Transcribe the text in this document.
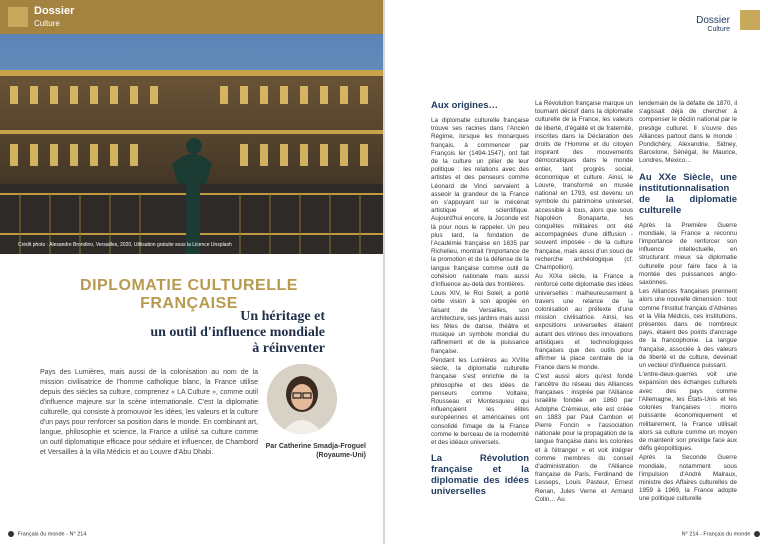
Dossier
Culture
Crédit photo : Alexandre Brondino, Versailles, 2020, Utilisation gratuite sous la Licence Unsplash
DIPLOMATIE CULTURELLE FRANÇAISE
Un héritage et
un outil d'influence mondiale
à réinventer
Pays des Lumières, mais aussi de la colonisation au nom de la mission civilisatrice de l'homme catholique blanc, la France utilise depuis des siècles sa culture, comprenez « LA Culture », comme outil d'influence majeure sur la scène internationale. C'est la diplomatie culturelle, qui consiste à promouvoir les idées, les valeurs et la culture d'un pays pour renforcer sa position dans le monde. En combinant art, langue, philosophie et science, la France a utilisé sa culture comme un outil diplomatique efficace pour séduire et influencer, de Chambord et Versailles à la villa Médicis et au Louvre d'Abu Dhabi.
Par Catherine Smadja-Froguel
(Royaume-Uni)
Français du monde - N° 214
Dossier
Culture
Aux origines…

La diplomatie culturelle française trouve ses racines dans l'Ancien Régime, lorsque les monarques français, à commencer par François Ier (1494-1547), ont fait de la culture un pilier de leur politique : les relations avec des artistes et des penseurs comme Léonard de Vinci servaient à asseoir la grandeur de la France en s'appuyant sur le mécénat artistique et scientifique. Aujourd'hui encore, la Joconde est là pour nous le rappeler. Un peu plus tard, la fondation de l'Académie française en 1635 par Richelieu, montrait l'importance de la promotion et de la défense de la langue française comme outil de cohésion nationale mais aussi d'influence au-delà des frontières.

Louis XIV, le Roi Soleil, a porté cette vision à son apogée en faisant de Versailles, son architecture, ses jardins mais aussi les fêtes de danse, théâtre et musique un symbole mondial du raffinement et de la puissance française.

Pendant les Lumières au XVIIIe siècle, la diplomatie culturelle française s'est enrichie de la philosophie et des idées de penseurs comme Voltaire, Rousseau et Montesquieu qui influençaient les élites européennes et américaines ont consolidé l'image de la France comme le berceau de la modernité et des idéaux universels.

La Révolution française et la diplomatie des idées universelles

La Révolution française marque un tournant décisif dans la diplomatie culturelle de la France, les valeurs de liberté, d'égalité et de fraternité, inscrites dans la Déclaration des droits de l'Homme et du citoyen inspirant des mouvements démocratiques dans le monde entier, tant progrès social, économique et culture. Ainsi, le Louvre, transformé en musée national en 1793, est devenu un symbole du patrimoine universel, accessible à tous, alors que sous Napoléon Bonaparte, les conquêtes militaires ont été accompagnées d'une diffusion - souvent imposée - de la culture française, mais aussi d'un souci de recherche archéologique (cf. Champollion).

Au XIXe siècle, la France a renforcé cette diplomatie des idées universelles : malheureusement à travers une relance de la colonisation au prétexte d'une mission civilisatrice. Ainsi, les expositions universelles étaient autant des vitrines des innovations artistiques et technologiques françaises que des outils pour affirmer la place centrale de la France dans le monde.

C'est aussi alors qu'est fondé l'ancêtre du réseau des Alliances françaises : inspirée par l'Alliance israélite fondée en 1860 par Adolphe Crémieux, elle est créée en 1883 par Paul Cambon et Pierre Foncin « l'association nationale pour la propagation de la langue française dans les colonies et à l'étranger » et voit intégrer comme membres du conseil d'administration de l'Alliance française de Paris, Ferdinand de Lesseps, Louis Pasteur, Ernest Renan, Jules Verne et Armand Colin… Au

lendemain de la défaite de 1870, il s'agissait déjà de chercher à compenser le déclin national par le prestige culturel. Il s'ouvre des Alliances partout dans le monde : Pondichéry, Alexandrie, Sidney, Barcelone, Sénégal, Ile Maurice, Londres, Mexico…

Au XXe Siècle, une institutionnalisation de la diplomatie culturelle

Après la Première Guerre mondiale, la France a reconnu l'importance de renforcer son influence intellectuelle, en structurant mieux sa diplomatie culturelle pour faire face à la montée des puissances anglo-saxonnes.

Les Alliances françaises prennent alors une nouvelle dimension : tout comme l'Institut français d'Athènes et la Villa Médicis, ces institutions, présentes dans de nombreux pays, étaient des points d'ancrage de la francophonie. La langue française, associée à des valeurs de liberté et de culture, devenait un vecteur d'influence puissant.

L'entre-deux-guerres voit une expansion des échanges culturels avec des pays comme l'Allemagne, les États-Unis et les colonies françaises : moins puissante économiquement et militairement, la France utilisait alors sa culture comme un moyen de maintenir son prestige face aux défis géopolitiques.

Après la Seconde Guerre mondiale, notamment sous l'impulsion d'André Malraux, ministre des Affaires culturelles de 1959 à 1969, la France adopte une politique culturelle

N° 214 - Français du monde
